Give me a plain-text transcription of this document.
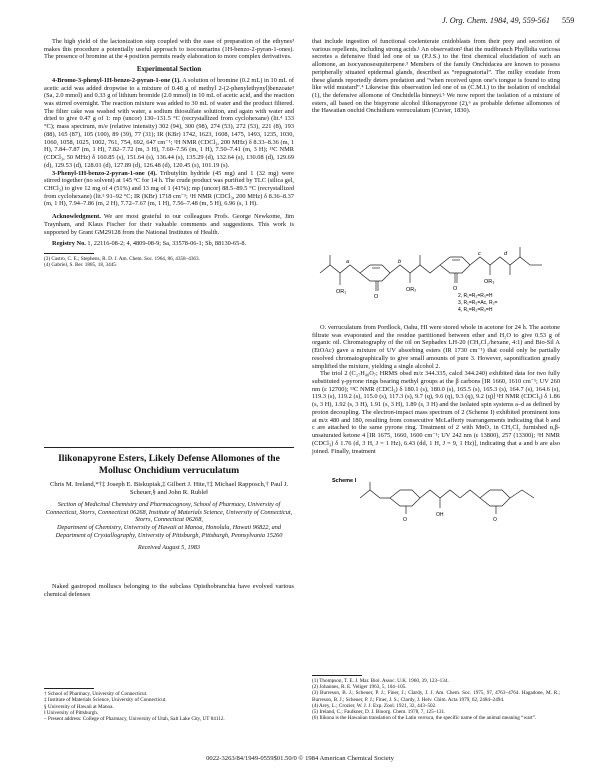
J. Org. Chem. 1984, 49, 559-561 559

The high yield of the lactonization step coupled with the ease of preparation of the ethynes³ makes this procedure a potentially useful approach to isocoumarins (1H-benzo-2-pyran-1-ones). The presence of bromine at the 4 position permits ready elaboration to more complex derivatives.

Experimental Section

4-Bromo-3-phenyl-1H-benzo-2-pyran-1-one (1). A solution of bromine (0.2 mL) in 10 mL of acetic acid was added dropwise to a mixture of 0.48 g of methyl 2-(2-phenylethynyl)benzoate³ (Sa, 2.0 mmol) and 0.33 g of lithium bromide (2.0 mmol) in 10 mL of acetic acid, and the reaction was stirred overnight. The reaction mixture was added to 30 mL of water and the product filtered. The filter cake was washed with water, a sodium thiosulfate solution, and again with water and dried to give 0.47 g of 1: mp (uncor) 130–131.5 °C (recrystallized from cyclohexane) (lit.⁴ 133 °C); mass spectrum, m/e (relative intensity) 302 (94), 300 (98), 274 (53), 272 (53), 221 (8), 193 (88), 165 (87), 105 (100), 89 (39), 77 (31); IR (KBr) 1742, 1623, 1608, 1475, 1493, 1235, 1030, 1060, 1058, 1025, 1002, 761, 754, 692, 647 cm⁻¹; ¹H NMR (CDCl₃, 200 MHz) δ 8.33–8.36 (m, 1 H), 7.84–7.87 (m, 1 H), 7.82–7.72 (m, 3 H), 7.60–7.56 (m, 1 H), 7.50–7.41 (m, 3 H); ¹³C NMR (CDCl₃, 50 MHz) δ 160.85 (s), 151.64 (s), 136.44 (s), 135.29 (d), 132.64 (s), 130.08 (d), 129.69 (d), 129.53 (d), 128.01 (d), 127.89 (d), 126.48 (d), 120.45 (s), 101.19 (s).

3-Phenyl-1H-benzo-2-pyran-1-one (4). Tributyltin hydride (45 mg) and 1 (32 mg) were stirred together (no solvent) at 145 °C for 14 h. The crude product was purified by TLC (silica gel, CHCl₃) to give 12 mg of 4 (51%) and 13 mg of 1 (41%); mp (uncor) 88.5–89.5 °C (recrystallized from cyclohexane) (lit.⁵ 91–92 °C; IR (KBr) 1718 cm⁻¹; ¹H NMR (CDCl₃, 200 MHz) δ 8.36–8.37 (m, 1 H), 7.94–7.86 (m, 2 H), 7.72–7.67 (m, 1 H), 7.56–7.48 (m, 5 H), 6.96 (s, 1 H).

Acknowledgment. We are most grateful to our colleagues Profs. George Newkome, Jim Traynham, and Klaus Fischer for their valuable comments and suggestions. This work is supported by Grant GM29128 from the National Institutes of Health.

Registry No. 1, 22116-08-2; 4, 4809-08-9; Sa, 33578-06-1; Sb, 88130-65-8.

(3) Castro, C. E.; Stephens, R. D. J. Am. Chem. Soc. 1964, 86, 4358–4363.
(4) Gabriel, S. Ber. 1885, 18, 3445.
Ilikonapyrone Esters, Likely Defense Allomones of the Mollusc Onchidium verruculatum
Chris M. Ireland,*†‡ Joseph E. Biskupiak,‡ Gilbert J. Hite,†‡ Michael Rapposch,† Paul J. Scheuer,§ and John R. Ruble‖
Section of Medicinal Chemistry and Pharmacognosy, School of Pharmacy, University of Connecticut, Storrs, Connecticut 06268, Institute of Materials Science, University of Connecticut, Storrs, Connecticut 06268,
Department of Chemistry, University of Hawaii at Manoa, Honolulu, Hawaii 96822, and Department of Crystallography, University of Pittsburgh, Pittsburgh, Pennsylvania 15260
Received August 5, 1983

Naked gastropod molluscs belonging to the subclass Opisthobranchia have evolved various chemical defenses

† School of Pharmacy, University of Connecticut.
‡ Institute of Materials Science, University of Connecticut.
§ University of Hawaii at Manoa.
‖ University of Pittsburgh.
– Present address: College of Pharmacy, University of Utah, Salt Lake City, UT 84112.

that include ingestion of functional coelenterate cnidoblasts from their prey and secretion of various repellents, including strong acids.¹ An observation² that the nudibranch Phyllidia varicosa secretes a defensive fluid led one of us (P.J.S.) to the first chemical elucidation of such an allomone, an isocyanosesquiterpene.³ Members of the family Onchidacea are known to possess peripherally situated epidermal glands, described as “repugnatorial”. The milky exudate from these glands reportedly deters predation and “when received upon one’s tongue is found to sting like wild mustard”.⁴ Likewise this observation led one of us (C.M.I.) to the isolation of onchidal (1), the defensive allomone of Onchidella binneyi.⁵ We now report the isolation of a mixture of esters, all based on the bispyrone alcohol ilikonapyrone (2),⁶ as probable defense allomones of the Hawaiian onchid Onchidium verruculatum (Cuvier, 1830).

OR₁	OR₂
OR₃
O
O
a	b
c	d
2, R₁=R₂=R₃=H
3, R₁=R₃=Ac, R₂=
4, R₁=R₂=R₃=H

O. verruculatum from Pordlock, Oahu, HI were stored whole in acetone for 24 h. The acetone filtrate was evaporated and the residue partitioned between ether and H₂O to give 0.53 g of organic oil. Chromatography of the oil on Sephadex LH-20 (CH₂Cl₂/hexane, 4:1) and Bio-Sil A (EtOAc) gave a mixture of UV absorbing esters (IR 1730 cm⁻¹) that could only be partially resolved chromatographically to give small amounts of pure 3. However, saponification greatly simplified the mixture, yielding a single alcohol 2.

The triol 2 (C₂₇H₄₀O₇; HRMS obsd m/z 344.335, calcd 344.240) exhibited data for two fully substituted γ-pyrone rings bearing methyl groups at the β carbons [IR 1660, 1610 cm⁻¹; UV 260 nm (ε 12700); ¹³C NMR (CDCl₃) δ 180.1 (s), 180.0 (s), 165.5 (s), 165.3 (s), 164.7 (s), 164.6 (s), 119.3 (s), 119.2 (s), 115.0 (s), 117.3 (s), 9.7 (q), 9.6 (q), 9.3 (q), 9.2 (q)] ¹H NMR (CDCl₃) δ 1.86 (s, 3 H), 1.92 (s, 3 H), 1.91 (s, 3 H), 1.89 (s, 3 H) and the isolated spin systems a–d as defined by proton decoupling. The electron-impact mass spectrum of 2 (Scheme I) exhibited prominent ions at m/z 480 and 180, resulting from consecutive McLafferty rearrangements indicating that b and c are attached to the same pyrone ring. Treatment of 2 with MnO₂ in CH₂Cl₂ furnished α,β-unsaturated ketone 4 [IR 1675, 1660, 1600 cm⁻¹; UV 242 nm (ε 13800), 257 (13300); ¹H NMR (CDCl₃) δ 1.76 (d, 3 H, J = 1 Hz), 6.43 (dd, 1 H, J = 9, 1 Hz)], indicating that a and b are also joined. Finally, treatment

Scheme I
OH
O	O
(1) Thompson, T. E. J. Mar. Biol. Assoc. U.K. 1960, 39, 123–134.
(2) Johannes, R. E. Veliger 1963, 5, 104–105.
(3) Burreson, B. J.; Scheuer, P. J.; Finer, J.; Clardy, J. J. Am. Chem. Soc. 1975, 97, 4763–4764. Hagadone, M. R.; Burreson, B. J.; Scheuer, P. J.; Finer, J. S.; Clardy, J. Helv. Chim. Acta 1979, 62, 2484–2494.
(4) Arey, L.; Crozier, W. J. J. Exp. Zool. 1921, 32, 443–502.
(5) Ireland, C.; Faulkner, D. J. Bioorg. Chem. 1978, 7, 125–131.
(6) Ilikona is the Hawaiian translation of the Latin verruca, the specific name of the animal meaning “wart”.
0022-3263/84/1949-0559$01.50/0 © 1984 American Chemical Society
